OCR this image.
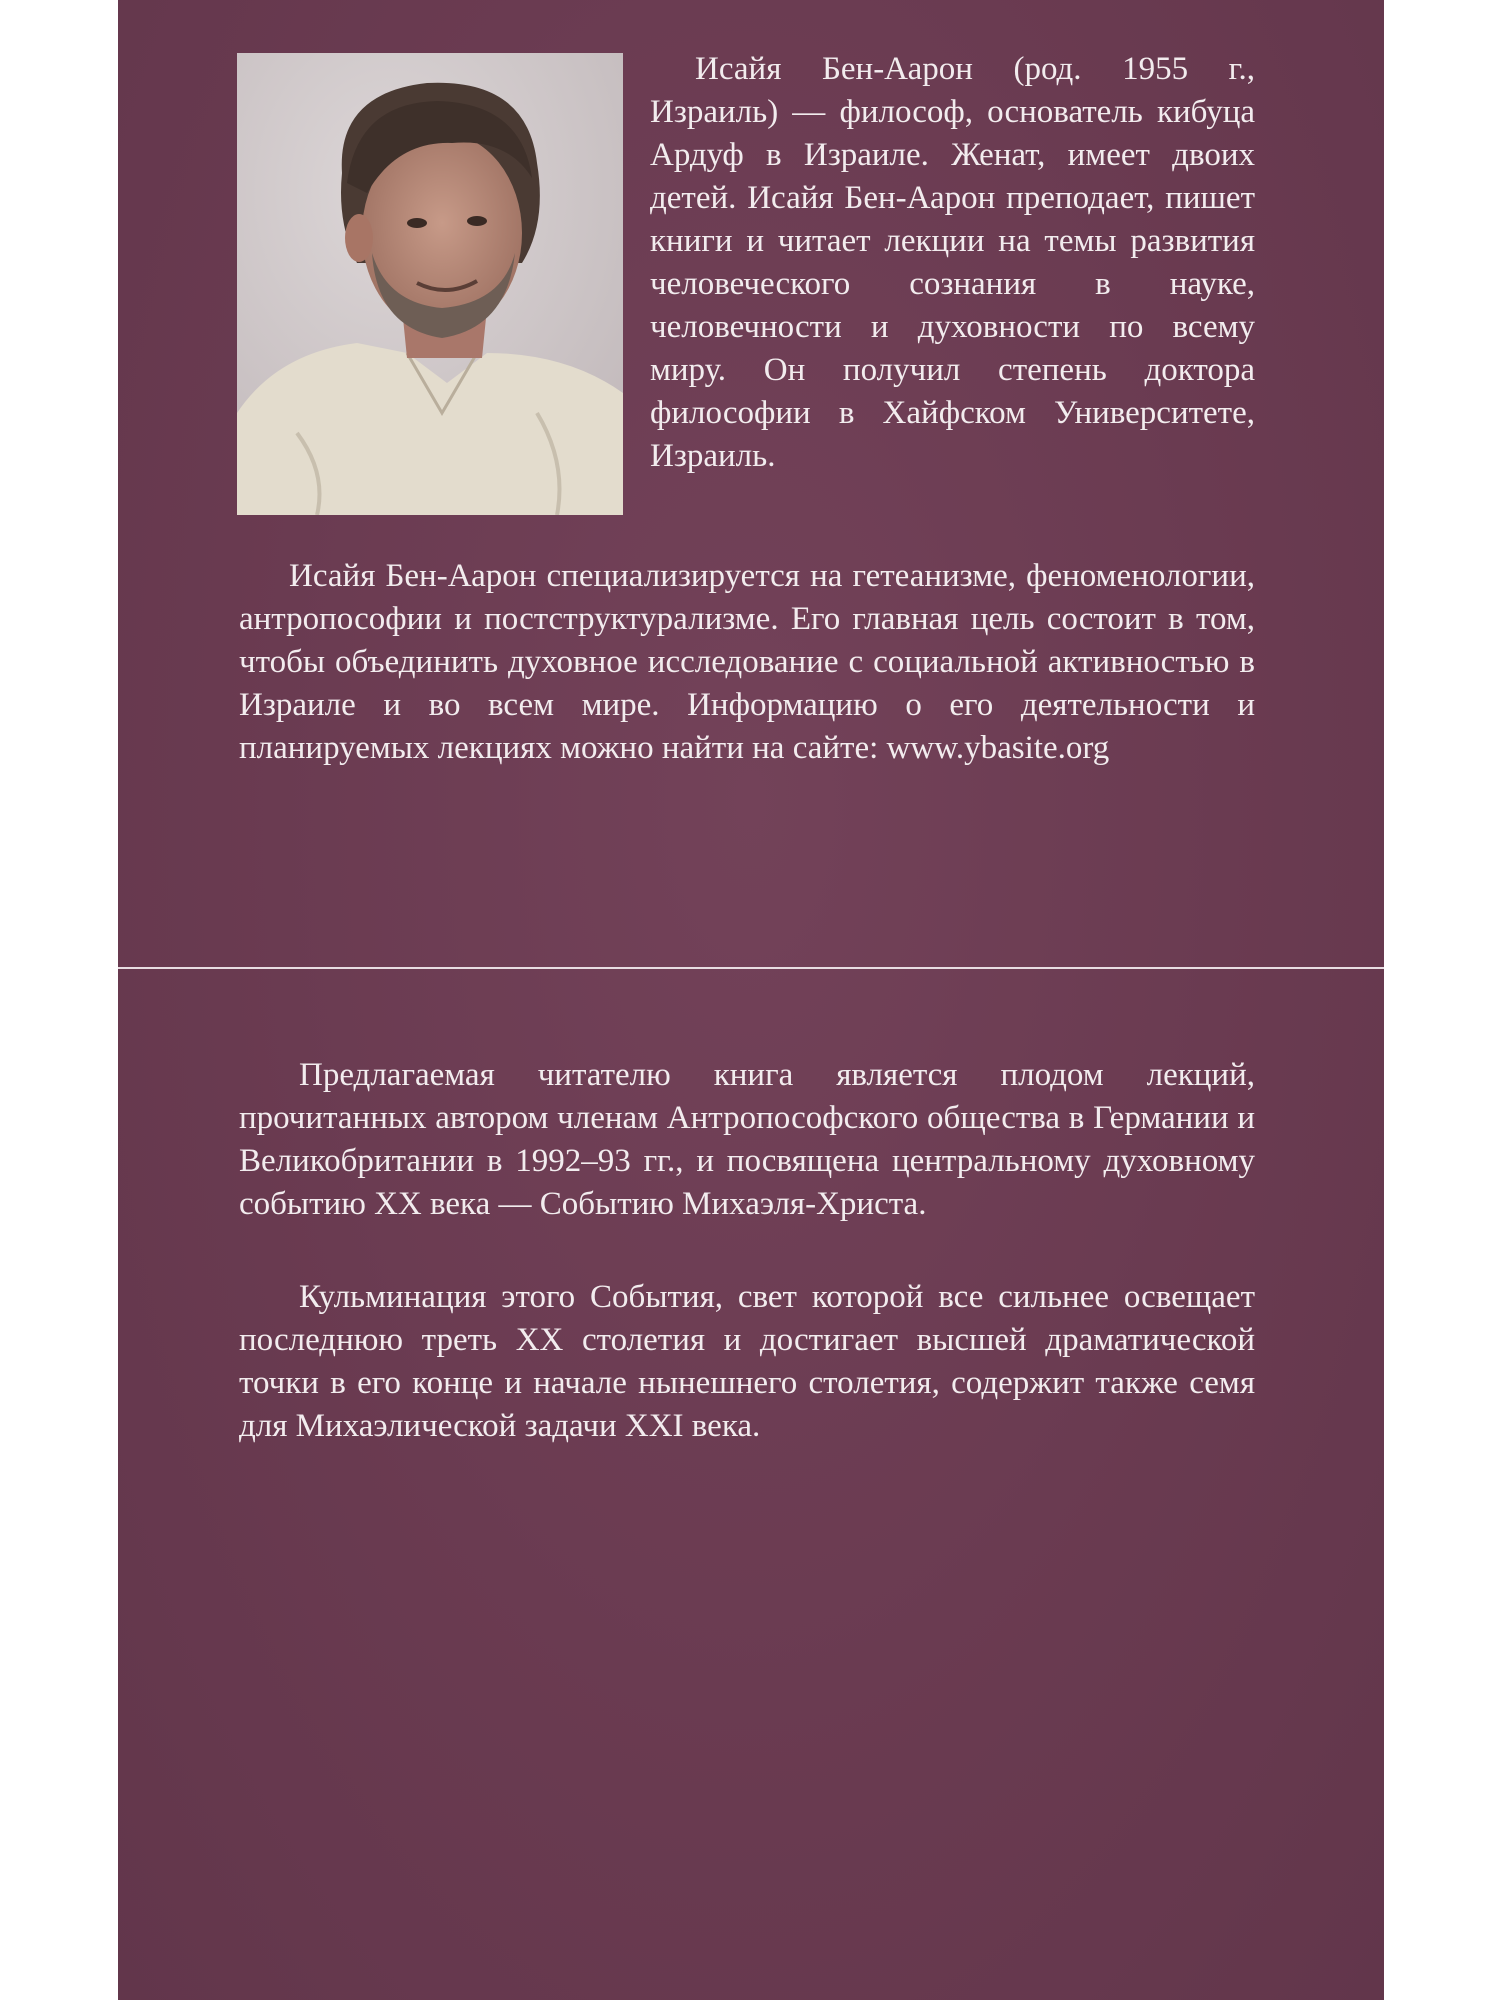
Исайя Бен-Аарон (род. 1955 г., Израиль) — философ, основатель кибуца Ардуф в Израиле. Женат, имеет двоих детей. Исайя Бен-Аарон преподает, пишет книги и читает лекции на темы развития человеческого сознания в науке, человечности и духовности по всему миру. Он получил степень доктора философии в Хайфском Университете, Израиль.

Исайя Бен-Аарон специализируется на гетеанизме, феноменологии, антропософии и постструктурализме. Его главная цель состоит в том, чтобы объединить духовное исследование с социальной активностью в Израиле и во всем мире. Информацию о его деятельности и планируемых лекциях можно найти на сайте: www.ybasite.org

Предлагаемая читателю книга является плодом лекций, прочитанных автором членам Антропософского общества в Германии и Великобритании в 1992–93 гг., и посвящена центральному духовному событию XX века — Событию Михаэля-Христа.

Кульминация этого События, свет которой все сильнее освещает последнюю треть XX столетия и достигает высшей драматической точки в его конце и начале нынешнего столетия, содержит также семя для Михаэлической задачи XXI века.
